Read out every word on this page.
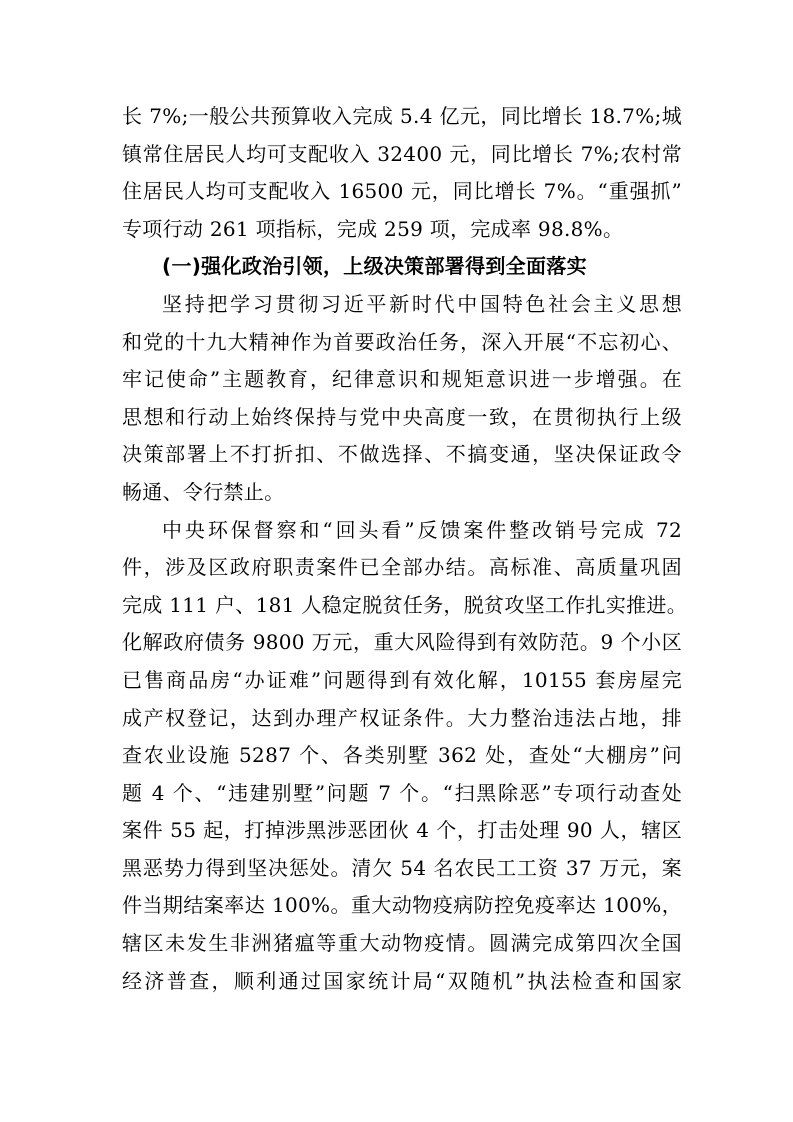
长 7%;一般公共预算收入完成 5.4 亿元，同比增长 18.7%;城
镇常住居民人均可支配收入 32400 元，同比增长 7%;农村常
住居民人均可支配收入 16500 元，同比增长 7%。“重强抓”
专项行动 261 项指标，完成 259 项，完成率 98.8%。
(一)强化政治引领，上级决策部署得到全面落实
坚持把学习贯彻习近平新时代中国特色社会主义思想
和党的十九大精神作为首要政治任务，深入开展“不忘初心、
牢记使命”主题教育，纪律意识和规矩意识进一步增强。在
思想和行动上始终保持与党中央高度一致，在贯彻执行上级
决策部署上不打折扣、不做选择、不搞变通，坚决保证政令
畅通、令行禁止。
中央环保督察和“回头看”反馈案件整改销号完成 72
件，涉及区政府职责案件已全部办结。高标准、高质量巩固
完成 111 户、181 人稳定脱贫任务，脱贫攻坚工作扎实推进。
化解政府债务 9800 万元，重大风险得到有效防范。9 个小区
已售商品房“办证难”问题得到有效化解，10155 套房屋完
成产权登记，达到办理产权证条件。大力整治违法占地，排
查农业设施 5287 个、各类别墅 362 处，查处“大棚房”问
题 4 个、“违建别墅”问题 7 个。“扫黑除恶”专项行动查处
案件 55 起，打掉涉黑涉恶团伙 4 个，打击处理 90 人，辖区
黑恶势力得到坚决惩处。清欠 54 名农民工工资 37 万元，案
件当期结案率达 100%。重大动物疫病防控免疫率达 100%，
辖区未发生非洲猪瘟等重大动物疫情。圆满完成第四次全国
经济普查，顺利通过国家统计局“双随机”执法检查和国家
